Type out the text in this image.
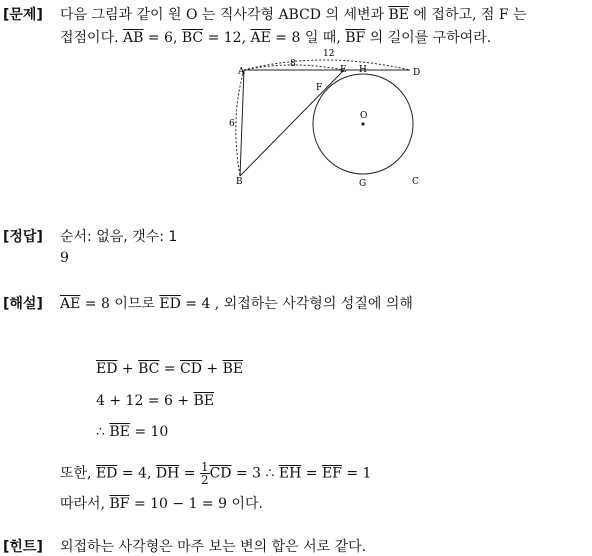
[문제] 다음 그림과 같이 원 O 는 직사각형 ABCD 의 세변과 $\overline{BE}$ 에 접하고, 점 F 는
접점이다. $\overline{AB} = 6$, $\overline{BC} = 12$, $\overline{AE} = 8$ 일 때, $\overline{BF}$ 의 길이를 구하여라.
A
B	C
D
E
F
G
H
O
6
8
12
[정답] 순서: 없음, 갯수: 1
9
[해설] $\overline{AE} = 8$ 이므로 $\overline{ED} = 4$ , 외접하는 사각형의 성질에 의해
$\overline{ED} + \overline{BC} = \overline{CD} + \overline{BE}$
$4 + 12 = 6 + \overline{BE}$
∴ $\overline{BE} = 10$
또한, $\overline{ED} = 4$, $\overline{DH} = \frac{1}{2} \overline{CD} = 3$ ∴ $\overline{EH} = \overline{EF} = 1$
따라서, $\overline{BF} = 10 - 1 = 9$ 이다.
[힌트] 외접하는 사각형은 마주 보는 변의 합은 서로 같다.
